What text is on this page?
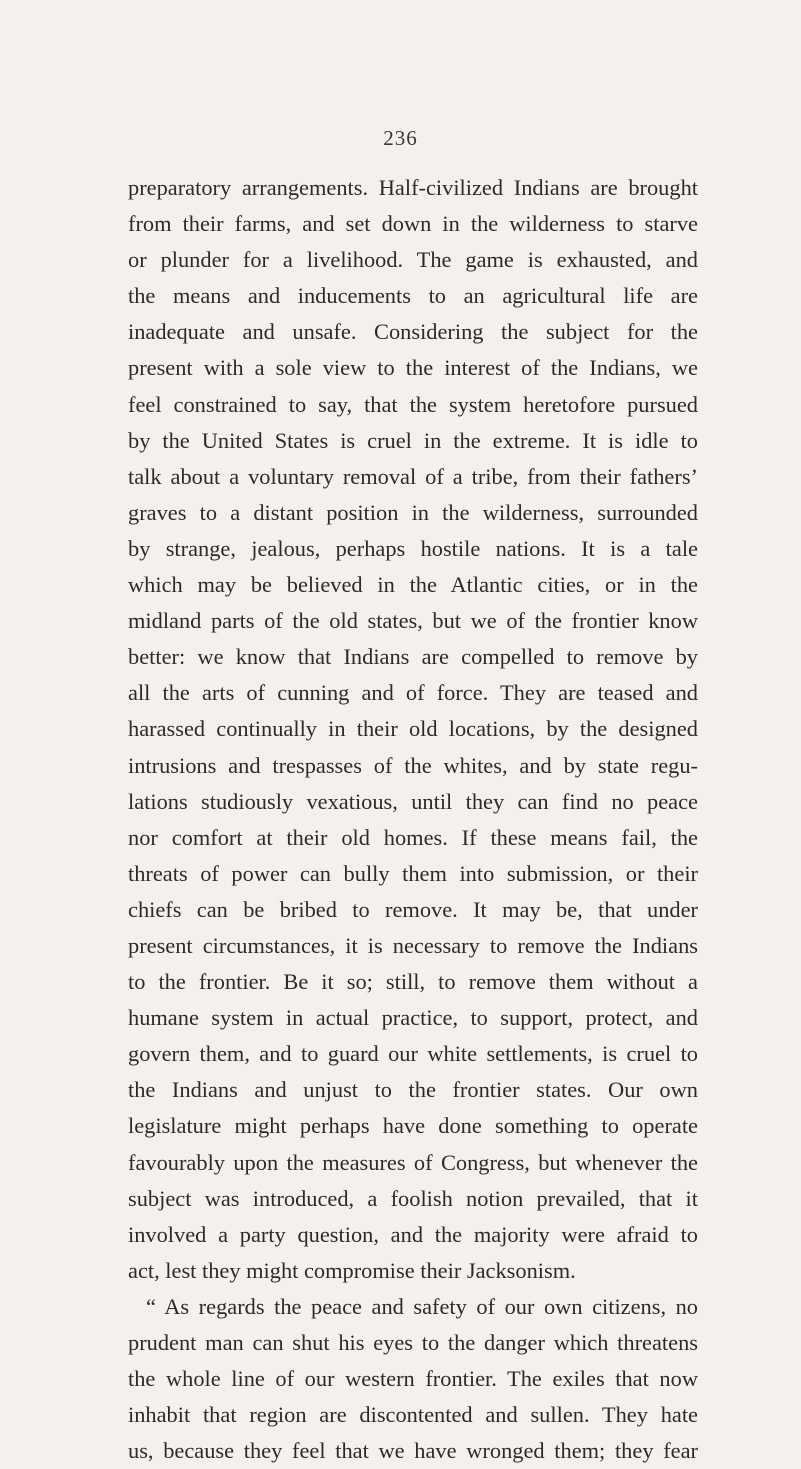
236
preparatory arrangements. Half-civilized Indians are brought
from their farms, and set down in the wilderness to starve
or plunder for a livelihood. The game is exhausted, and
the means and inducements to an agricultural life are
inadequate and unsafe. Considering the subject for the
present with a sole view to the interest of the Indians, we
feel constrained to say, that the system heretofore pursued
by the United States is cruel in the extreme. It is idle to
talk about a voluntary removal of a tribe, from their fathers’
graves to a distant position in the wilderness, surrounded
by strange, jealous, perhaps hostile nations. It is a tale
which may be believed in the Atlantic cities, or in the
midland parts of the old states, but we of the frontier know
better: we know that Indians are compelled to remove by
all the arts of cunning and of force. They are teased and
harassed continually in their old locations, by the designed
intrusions and trespasses of the whites, and by state regu-
lations studiously vexatious, until they can find no peace
nor comfort at their old homes. If these means fail, the
threats of power can bully them into submission, or their
chiefs can be bribed to remove. It may be, that under
present circumstances, it is necessary to remove the Indians
to the frontier. Be it so; still, to remove them without a
humane system in actual practice, to support, protect, and
govern them, and to guard our white settlements, is cruel to
the Indians and unjust to the frontier states. Our own
legislature might perhaps have done something to operate
favourably upon the measures of Congress, but whenever the
subject was introduced, a foolish notion prevailed, that it
involved a party question, and the majority were afraid to
act, lest they might compromise their Jacksonism.
“ As regards the peace and safety of our own citizens, no
prudent man can shut his eyes to the danger which threatens
the whole line of our western frontier. The exiles that now
inhabit that region are discontented and sullen. They hate
us, because they feel that we have wronged them; they fear
